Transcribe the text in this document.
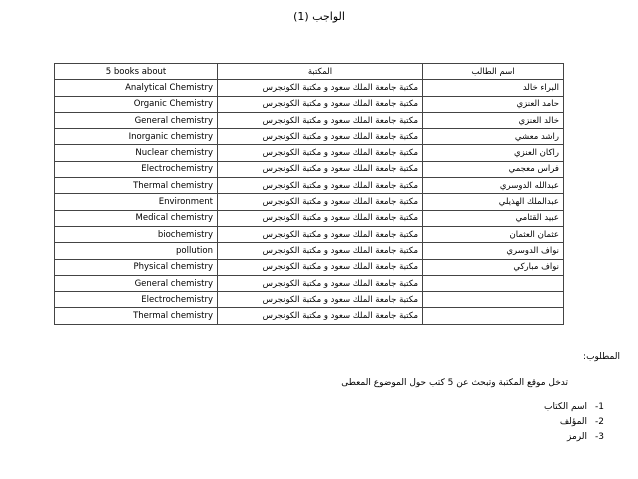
الواجب (1)
5 books about	المكتبة	اسم الطالب
Analytical Chemistry	مكتبة جامعة الملك سعود و مكتبة الكونجرس	البراء خالد
Organic Chemistry	مكتبة جامعة الملك سعود و مكتبة الكونجرس	حامد العنزي
General chemistry	مكتبة جامعة الملك سعود و مكتبة الكونجرس	خالد العنزي
Inorganic chemistry	مكتبة جامعة الملك سعود و مكتبة الكونجرس	راشد معشي
Nuclear chemistry	مكتبة جامعة الملك سعود و مكتبة الكونجرس	راكان العنزي
Electrochemistry	مكتبة جامعة الملك سعود و مكتبة الكونجرس	فراس معجمي
Thermal chemistry	مكتبة جامعة الملك سعود و مكتبة الكونجرس	عبدالله الدوسري
Environment	مكتبة جامعة الملك سعود و مكتبة الكونجرس	عبدالملك الهذيلي
Medical chemistry	مكتبة جامعة الملك سعود و مكتبة الكونجرس	عبيد القثامي
biochemistry	مكتبة جامعة الملك سعود و مكتبة الكونجرس	عثمان العثمان
pollution	مكتبة جامعة الملك سعود و مكتبة الكونجرس	نواف الدوسري
Physical chemistry	مكتبة جامعة الملك سعود و مكتبة الكونجرس	نواف مباركي
General chemistry	مكتبة جامعة الملك سعود و مكتبة الكونجرس	
Electrochemistry	مكتبة جامعة الملك سعود و مكتبة الكونجرس	
Thermal chemistry	مكتبة جامعة الملك سعود و مكتبة الكونجرس	
المطلوب:
تدخل موقع المكتبة وتبحث عن 5 كتب حول الموضوع المعطى
1-اسم الكتاب
2-المؤلف
3-الرمز
